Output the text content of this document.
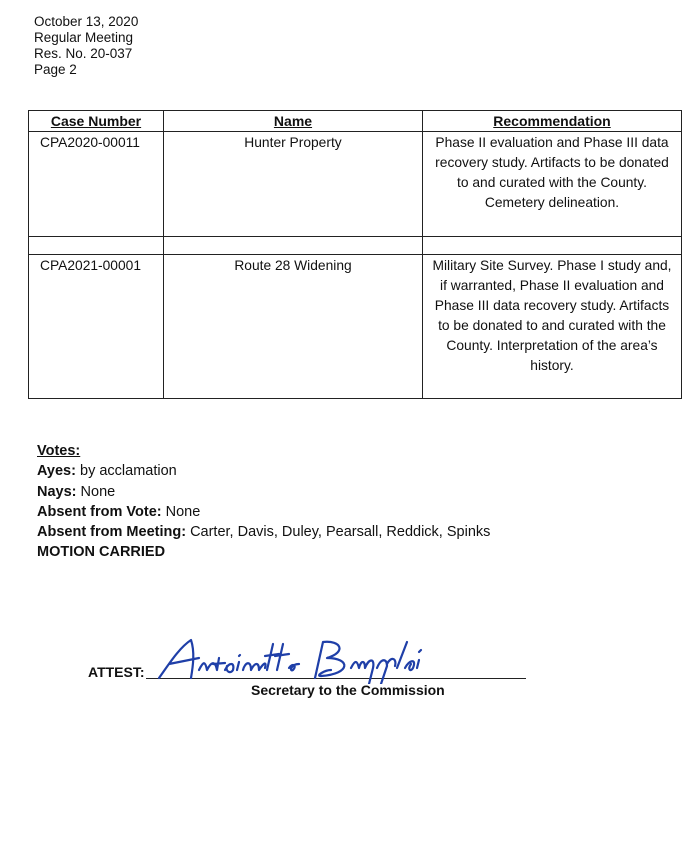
October 13, 2020
Regular Meeting
Res. No. 20-037
Page 2
Case Number	Name	Recommendation
CPA2020-00011	Hunter Property	Phase II evaluation and Phase III data recovery study. Artifacts to be donated to and curated with the County. Cemetery delineation.

CPA2021-00001	Route 28 Widening	Military Site Survey. Phase I study and, if warranted, Phase II evaluation and Phase III data recovery study. Artifacts to be donated to and curated with the County. Interpretation of the area’s history.
Votes:
Ayes: by acclamation
Nays: None
Absent from Vote: None
Absent from Meeting: Carter, Davis, Duley, Pearsall, Reddick, Spinks
MOTION CARRIED
ATTEST:
Secretary to the Commission
